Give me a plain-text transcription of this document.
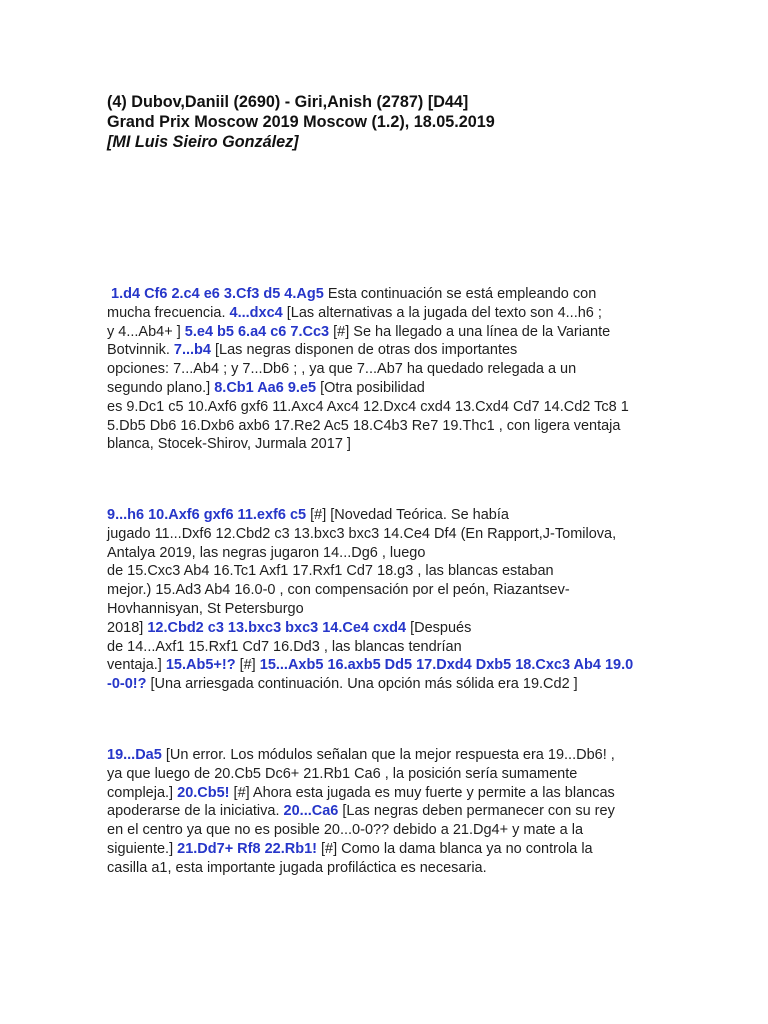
(4) Dubov,Daniil (2690) - Giri,Anish (2787) [D44]
Grand Prix Moscow 2019 Moscow (1.2), 18.05.2019
[MI Luis Sieiro González]
1.d4 Cf6 2.c4 e6 3.Cf3 d5 4.Ag5 Esta continuación se está empleando con
mucha frecuencia. 4...dxc4 [Las alternativas a la jugada del texto son 4...h6 ;
y 4...Ab4+ ] 5.e4 b5 6.a4 c6 7.Cc3 [#] Se ha llegado a una línea de la Variante
Botvinnik. 7...b4 [Las negras disponen de otras dos importantes
opciones: 7...Ab4 ; y 7...Db6 ; , ya que 7...Ab7 ha quedado relegada a un
segundo plano.] 8.Cb1 Aa6 9.e5 [Otra posibilidad
es 9.Dc1 c5 10.Axf6 gxf6 11.Axc4 Axc4 12.Dxc4 cxd4 13.Cxd4 Cd7 14.Cd2 Tc8 1
5.Db5 Db6 16.Dxb6 axb6 17.Re2 Ac5 18.C4b3 Re7 19.Thc1 , con ligera ventaja
blanca, Stocek-Shirov, Jurmala 2017 ]
9...h6 10.Axf6 gxf6 11.exf6 c5 [#] [Novedad Teórica. Se había
jugado 11...Dxf6 12.Cbd2 c3 13.bxc3 bxc3 14.Ce4 Df4 (En Rapport,J-Tomilova,
Antalya 2019, las negras jugaron 14...Dg6 , luego
de 15.Cxc3 Ab4 16.Tc1 Axf1 17.Rxf1 Cd7 18.g3 , las blancas estaban
mejor.) 15.Ad3 Ab4 16.0-0 , con compensación por el peón, Riazantsev-
Hovhannisyan, St Petersburgo
2018] 12.Cbd2 c3 13.bxc3 bxc3 14.Ce4 cxd4 [Después
de 14...Axf1 15.Rxf1 Cd7 16.Dd3 , las blancas tendrían
ventaja.] 15.Ab5+!? [#] 15...Axb5 16.axb5 Dd5 17.Dxd4 Dxb5 18.Cxc3 Ab4 19.0
-0-0!? [Una arriesgada continuación. Una opción más sólida era 19.Cd2 ]
19...Da5 [Un error. Los módulos señalan que la mejor respuesta era 19...Db6! ,
ya que luego de 20.Cb5 Dc6+ 21.Rb1 Ca6 , la posición sería sumamente
compleja.] 20.Cb5! [#] Ahora esta jugada es muy fuerte y permite a las blancas
apoderarse de la iniciativa. 20...Ca6 [Las negras deben permanecer con su rey
en el centro ya que no es posible 20...0-0?? debido a 21.Dg4+ y mate a la
siguiente.] 21.Dd7+ Rf8 22.Rb1! [#] Como la dama blanca ya no controla la
casilla a1, esta importante jugada profiláctica es necesaria.
